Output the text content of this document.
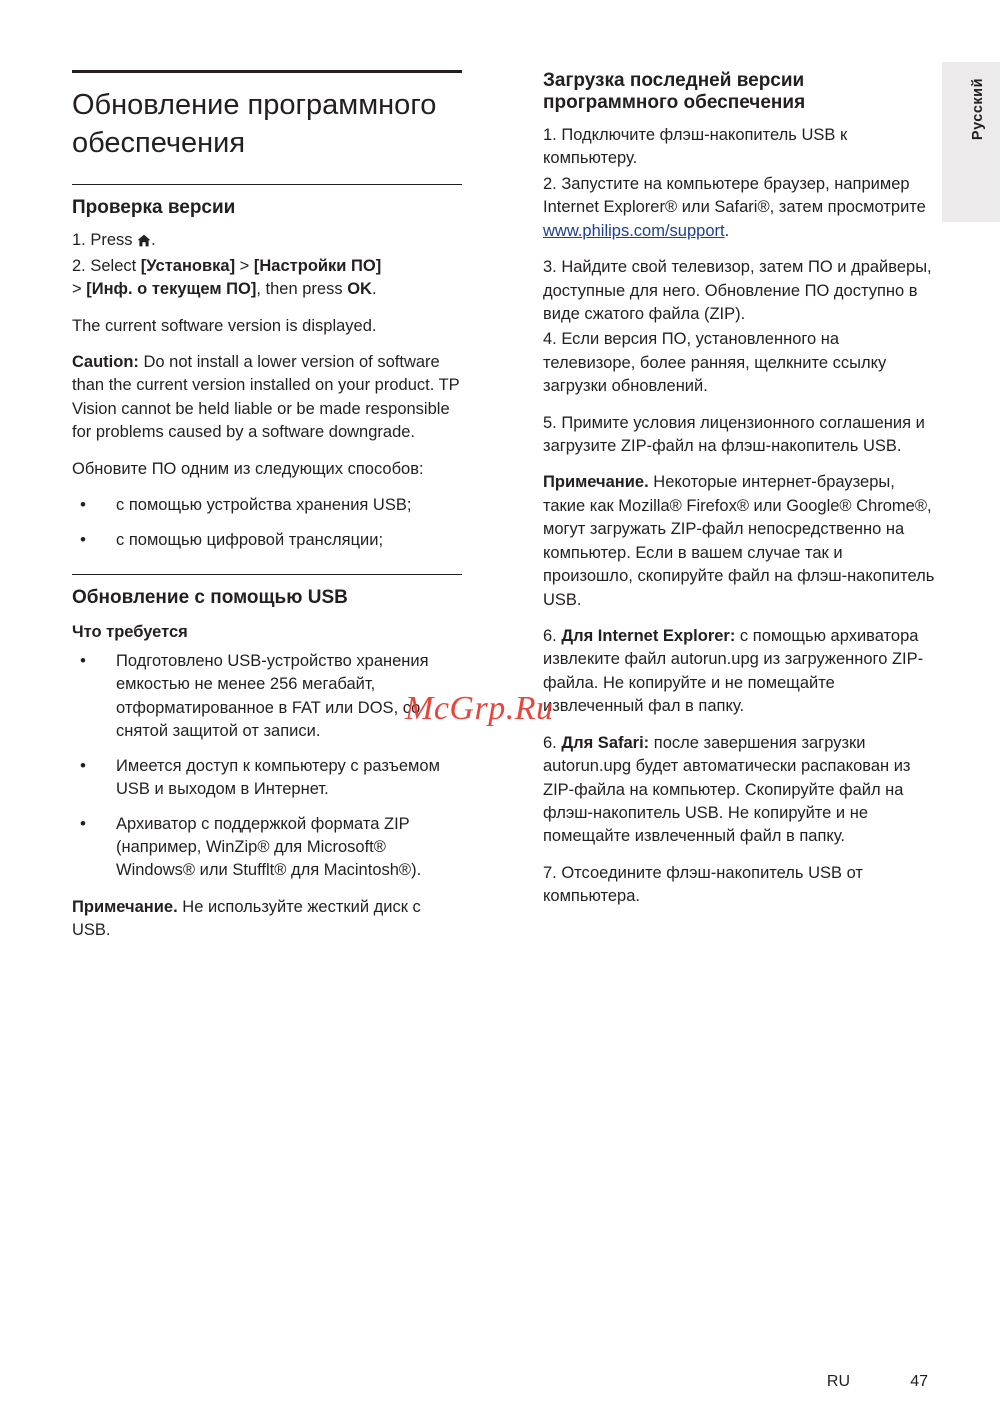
Русский
Обновление программного обеспечения
Проверка версии

1. Press .

2. Select [Установка] > [Настройки ПО]
> [Инф. о текущем ПО], then press OK.

The current software version is displayed.

Caution: Do not install a lower version of software than the current version installed on your product. TP Vision cannot be held liable or be made responsible for problems caused by a software downgrade.

Обновите ПО одним из следующих способов:

• с помощью устройства хранения USB;
• с помощью цифровой трансляции;
Обновление с помощью USB
Что требуется
• Подготовлено USB-устройство хранения емкостью не менее 256 мегабайт, отформатированное в FAT или DOS, со снятой защитой от записи.
• Имеется доступ к компьютеру с разъемом USB и выходом в Интернет.
• Архиватор с поддержкой формата ZIP (например, WinZip® для Microsoft® Windows® или Stufflt® для Macintosh®).

Примечание. Не используйте жесткий диск с USB.

Загрузка последней версии программного обеспечения

1. Подключите флэш-накопитель USB к компьютеру.

2. Запустите на компьютере браузер, например Internet Explorer® или Safari®, затем просмотрите www.philips.com/support.

3. Найдите свой телевизор, затем ПО и драйверы, доступные для него. Обновление ПО доступно в виде сжатого файла (ZIP).

4. Если версия ПО, установленного на телевизоре, более ранняя, щелкните ссылку загрузки обновлений.

5. Примите условия лицензионного соглашения и загрузите ZIP-файл на флэш-накопитель USB.

Примечание. Некоторые интернет-браузеры, такие как Mozilla® Firefox® или Google® Chrome®, могут загружать ZIP-файл непосредственно на компьютер. Если в вашем случае так и произошло, скопируйте файл на флэш-накопитель USB.

6. Для Internet Explorer: с помощью архиватора извлеките файл autorun.upg из загруженного ZIP-файла. Не копируйте и не помещайте извлеченный фал в папку.

6. Для Safari: после завершения загрузки autorun.upg будет автоматически распакован из ZIP-файла на компьютер. Скопируйте файл на флэш-накопитель USB. Не копируйте и не помещайте извлеченный файл в папку.

7. Отсоедините флэш-накопитель USB от компьютера.

McGrp.Ru
RU	47
